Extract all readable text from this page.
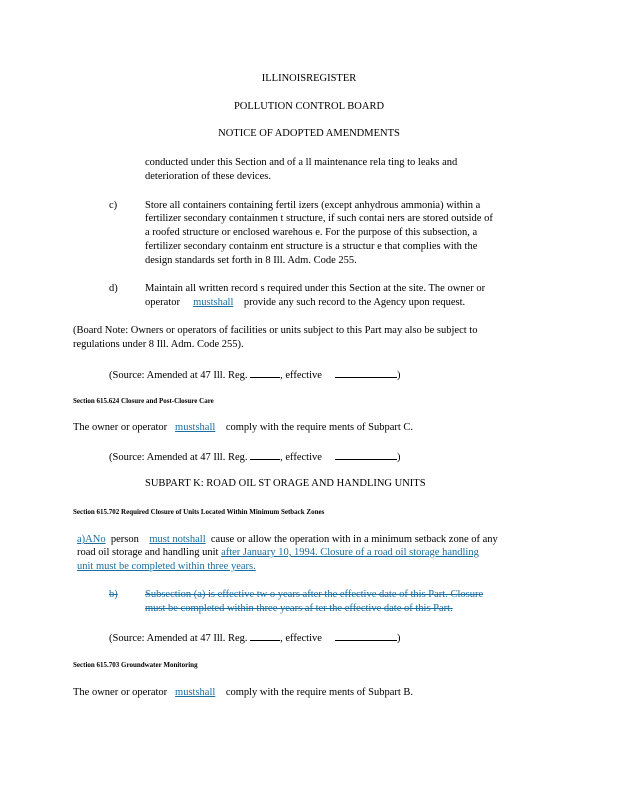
ILLINOISREGISTER
POLLUTION CONTROL BOARD
NOTICE OF ADOPTED AMENDMENTS
conducted under this Section and of a ll maintenance rela ting to leaks and
deterioration of these devices.
c)	Store all containers containing fertil izers (except anhydrous ammonia) within a
fertilizer secondary containmen t structure, if such contai ners are stored outside of
a roofed structure or enclosed warehous e. For the purpose of this subsection, a
fertilizer secondary containm ent structure is a structur e that complies with the
design standards set forth in 8 Ill. Adm. Code 255.
d)	Maintain all written record s required under this Section at the site. The owner or
operator mustshall provide any such record to the Agency upon request.
(Board Note: Owners or operators of facilities or units subject to this Part may also be subject to
regulations under 8 Ill. Adm. Code 255).
(Source: Amended at 47 Ill. Reg.	, effective	)
Section 615.624 Closure and Post-Closure Care
The owner or operator mustshall comply with the require ments of Subpart C.
(Source: Amended at 47 Ill. Reg.	, effective	)
SUBPART K: ROAD OIL ST ORAGE AND HANDLING UNITS
Section 615.702 Required Closure of Units Located Within Minimum Setback Zones
a)ANo person must notshall cause or allow the operation with in a minimum setback zone of any
road oil storage and handling unit after January 10, 1994. Closure of a road oil storage handling
unit must be completed within three years.
b)	Subsection (a) is effective tw o years after the effective date of this Part. Closure
must be completed within three years af ter the effective date of this Part.
(Source: Amended at 47 Ill. Reg.	, effective	)
Section 615.703 Groundwater Monitoring
The owner or operator mustshall comply with the require ments of Subpart B.
